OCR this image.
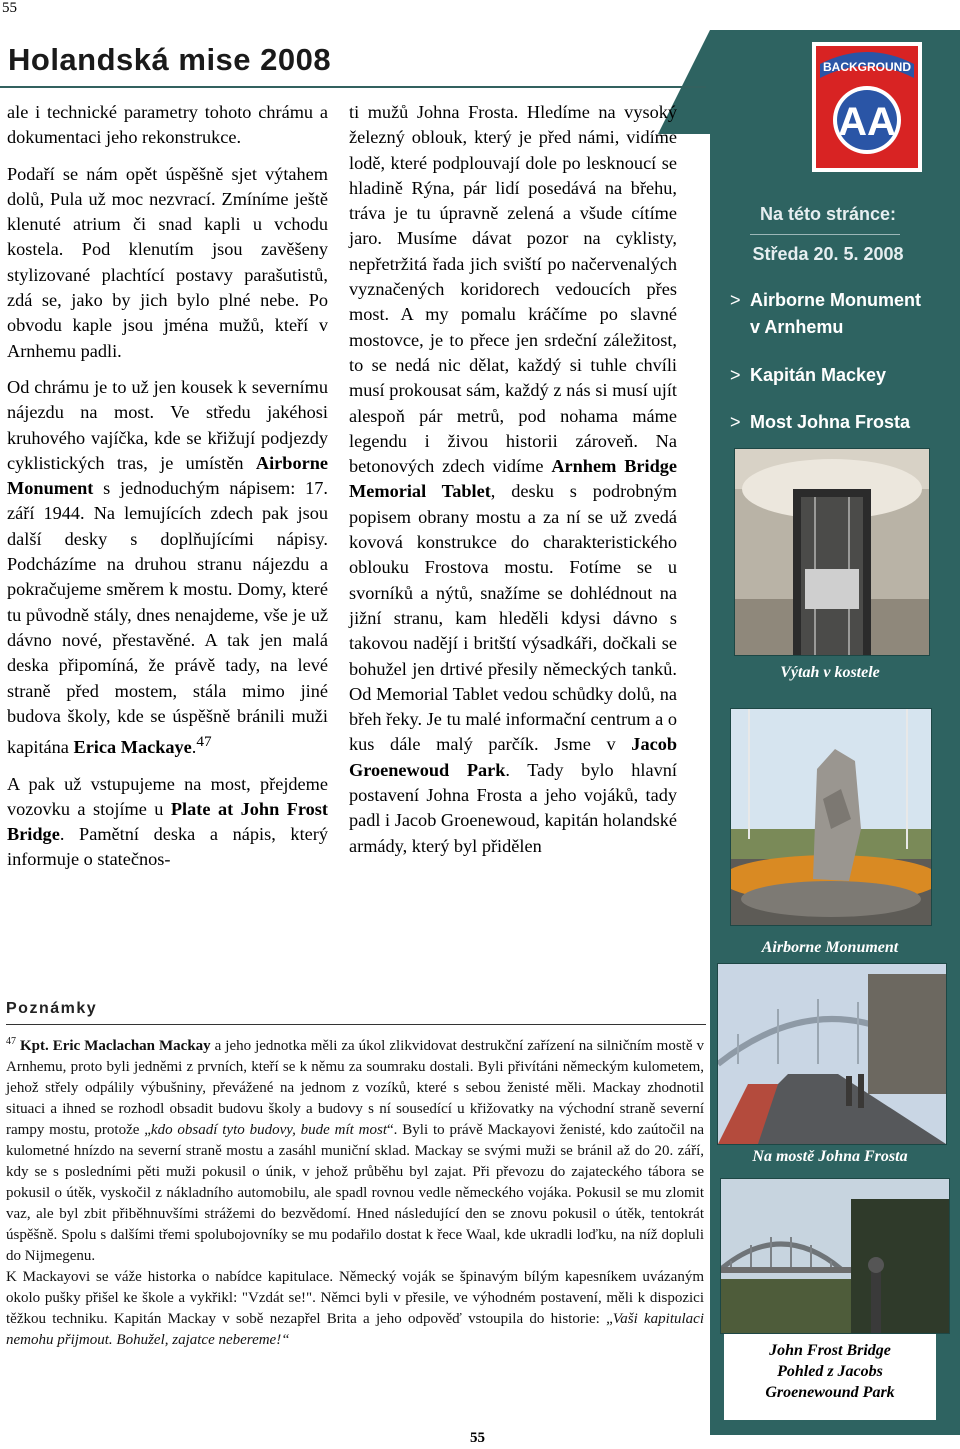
55
Holandská mise 2008

ale i technické parametry tohoto chrámu a dokumentaci jeho rekonstrukce.

Podaří se nám opět úspěšně sjet výtahem dolů, Pula už moc nezvrací. Zmíníme ještě klenuté atrium či snad kapli u vchodu kostela. Pod klenutím jsou zavěšeny stylizované plachtící postavy parašutistů, zdá se, jako by jich bylo plné nebe. Po obvodu kaple jsou jména mužů, kteří v Arnhemu padli.

Od chrámu je to už jen kousek k severnímu nájezdu na most. Ve středu jakéhosi kruhového vajíčka, kde se křižují podjezdy cyklistických tras, je umístěn Airborne Monument s jednoduchým nápisem: 17. září 1944. Na lemujících zdech pak jsou další desky s doplňujícími nápisy. Podcházíme na druhou stranu nájezdu a pokračujeme směrem k mostu. Domy, které tu původně stály, dnes nenajdeme, vše je už dávno nové, přestavěné. A tak jen malá deska připomíná, že právě tady, na levé straně před mostem, stála mimo jiné budova školy, kde se úspěšně bránili muži kapitána Erica Mackaye.$^{47}$

A pak už vstupujeme na most, přejdeme vozovku a stojíme u Plate at John Frost Bridge. Pamětní deska a nápis, který informuje o statečnos-

ti mužů Johna Frosta. Hledíme na vysoký železný oblouk, který je před námi, vidíme lodě, které podplouvají dole po lesknoucí se hladině Rýna, pár lidí posedává na břehu, tráva je tu úpravně zelená a všude cítíme jaro. Musíme dávat pozor na cyklisty, nepřetržitá řada jich sviští po načervenalých vyznačených koridorech vedoucích přes most. A my pomalu kráčíme po slavné mostovce, je to přece jen srdeční záležitost, to se nedá nic dělat, každý si tuhle chvíli musí prokousat sám, každý z nás si musí ujít alespoň pár metrů, pod nohama máme legendu i živou historii zároveň. Na betonových zdech vidíme Arnhem Bridge Memorial Tablet, desku s podrobným popisem obrany mostu a za ní se už zvedá kovová konstrukce do charakteristického oblouku Frostova mostu. Fotíme se u svorníků a nýtů, snažíme se dohlédnout na jižní stranu, kam hleděli kdysi dávno s takovou nadějí i britští výsadkáři, dočkali se bohužel jen drtivé přesily německých tanků. Od Memorial Tablet vedou schůdky dolů, na břeh řeky. Je tu malé informační centrum a o kus dále malý parčík. Jsme v Jacob Groenewoud Park. Tady bylo hlavní postavení Johna Frosta a jeho vojáků, tady padl i Jacob Groenewoud, kapitán holandské armády, který byl přidělen

Poznámky

$^{47}$ Kpt. Eric Maclachan Mackay a jeho jednotka měli za úkol zlikvidovat destrukční zařízení na silničním mostě v Arnhemu, proto byli jedněmi z prvních, kteří se k němu za soumraku dostali. Byli přivítáni německým kulometem, jehož střely odpálily výbušniny, převážené na jednom z vozíků, které s sebou ženisté měli. Mackay zhodnotil situaci a ihned se rozhodl obsadit budovu školy a budovy s ní sousedící u křižovatky na východní straně severní rampy mostu, protože „kdo obsadí tyto budovy, bude mít most“. Byli to právě Mackayovi ženisté, kdo zaútočil na kulometné hnízdo na severní straně mostu a zasáhl muniční sklad. Mackay se svými muži se bránil až do 20. září, kdy se s posledními pěti muži pokusil o únik, v jehož průběhu byl zajat. Při převozu do zajateckého tábora se pokusil o útěk, vyskočil z nákladního automobilu, ale spadl rovnou vedle německého vojáka. Pokusil se mu zlomit vaz, ale byl zbit přiběhnuvšími strážemi do bezvědomí. Hned následující den se znovu pokusil o útěk, tentokrát úspěšně. Spolu s dalšími třemi spolubojovníky se mu podařilo dostat k řece Waal, kde ukradli loďku, na níž dopluli do Nijmegenu.

K Mackayovi se váže historka o nabídce kapitulace. Německý voják se špinavým bílým kapesníkem uvázaným okolo pušky přišel ke škole a vykřikl: "Vzdát se!". Němci byli v přesile, ve výhodném postavení, měli k dispozici těžkou techniku. Kapitán Mackay v sobě nezapřel Brita a jeho odpověď vstoupila do historie: „Vaši kapitulaci nemohu přijmout. Bohužel, zajatce nebereme!“

55
BACKGROUND
AA
Na této stránce:
Středa 20. 5. 2008
> Airborne Monument
v Arnhemu
> Kapitán Mackey
> Most Johna Frosta
Výtah v kostele
Airborne Monument
Na mostě Johna Frosta
John Frost Bridge
Pohled z Jacobs
Groenewound Park
